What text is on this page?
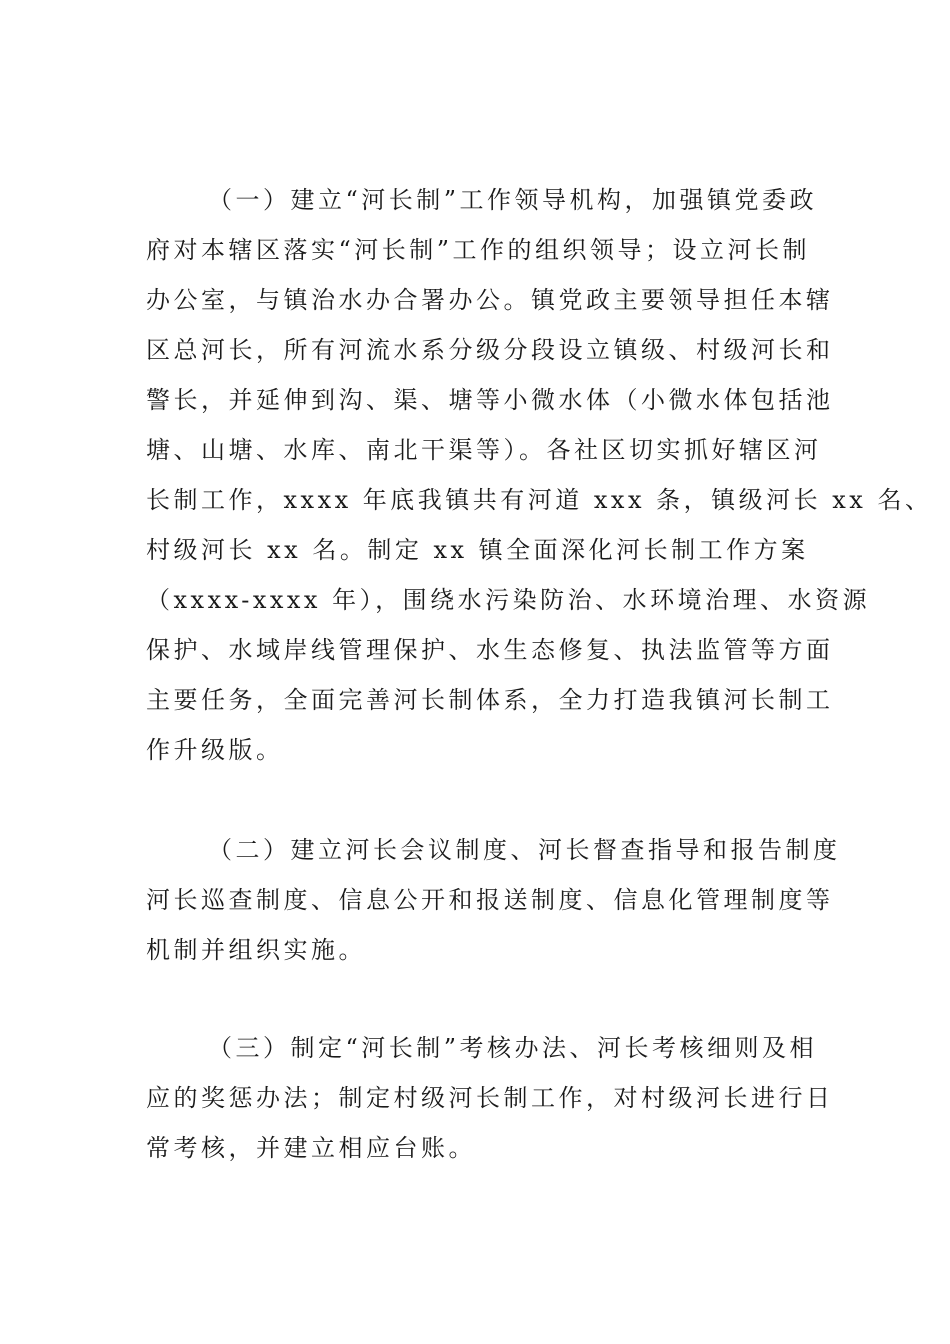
（一）建立“河长制”工作领导机构，加强镇党委政
府对本辖区落实“河长制”工作的组织领导；设立河长制
办公室，与镇治水办合署办公。镇党政主要领导担任本辖
区总河长，所有河流水系分级分段设立镇级、村级河长和
警长，并延伸到沟、渠、塘等小微水体（小微水体包括池
塘、山塘、水库、南北干渠等）。各社区切实抓好辖区河
长制工作，xxxx 年底我镇共有河道 xxx 条，镇级河长 xx 名、
村级河长 xx 名。制定 xx 镇全面深化河长制工作方案
（xxxx-xxxx 年），围绕水污染防治、水环境治理、水资源
保护、水域岸线管理保护、水生态修复、执法监管等方面
主要任务，全面完善河长制体系，全力打造我镇河长制工
作升级版。
（二）建立河长会议制度、河长督查指导和报告制度
河长巡查制度、信息公开和报送制度、信息化管理制度等
机制并组织实施。
（三）制定“河长制”考核办法、河长考核细则及相
应的奖惩办法；制定村级河长制工作，对村级河长进行日
常考核，并建立相应台账。
